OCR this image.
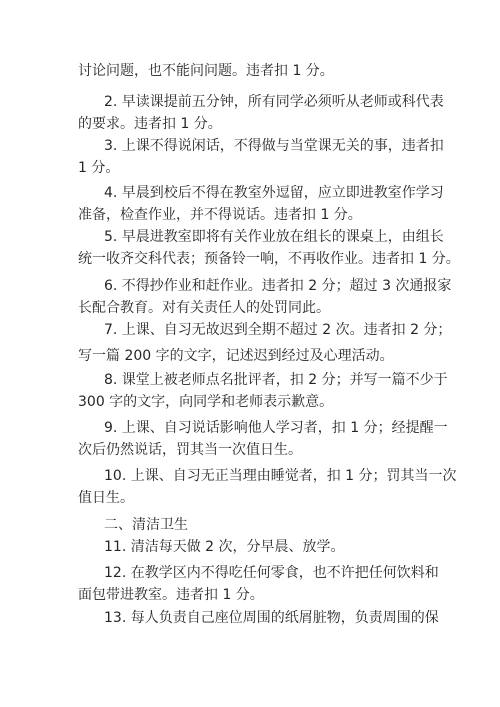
讨论问题，也不能问问题。违者扣 1 分。
2. 早读课提前五分钟，所有同学必须听从老师或科代表
的要求。违者扣 1 分。
3. 上课不得说闲话，不得做与当堂课无关的事，违者扣
1 分。
4. 早晨到校后不得在教室外逗留，应立即进教室作学习
准备，检查作业，并不得说话。违者扣 1 分。
5. 早晨进教室即将有关作业放在组长的课桌上，由组长
统一收齐交科代表；预备铃一响，不再收作业。违者扣 1 分。
6. 不得抄作业和赶作业。违者扣 2 分；超过 3 次通报家
长配合教育。对有关责任人的处罚同此。
7. 上课、自习无故迟到全期不超过 2 次。违者扣 2 分；
写一篇 200 字的文字，记述迟到经过及心理活动。
8. 课堂上被老师点名批评者，扣 2 分；并写一篇不少于
300 字的文字，向同学和老师表示歉意。
9. 上课、自习说话影响他人学习者，扣 1 分；经提醒一
次后仍然说话，罚其当一次值日生。
10. 上课、自习无正当理由睡觉者，扣 1 分；罚其当一次
值日生。
二、清洁卫生
11. 清洁每天做 2 次，分早晨、放学。
12. 在教学区内不得吃任何零食，也不许把任何饮料和
面包带进教室。违者扣 1 分。
13. 每人负责自己座位周围的纸屑脏物，负责周围的保
